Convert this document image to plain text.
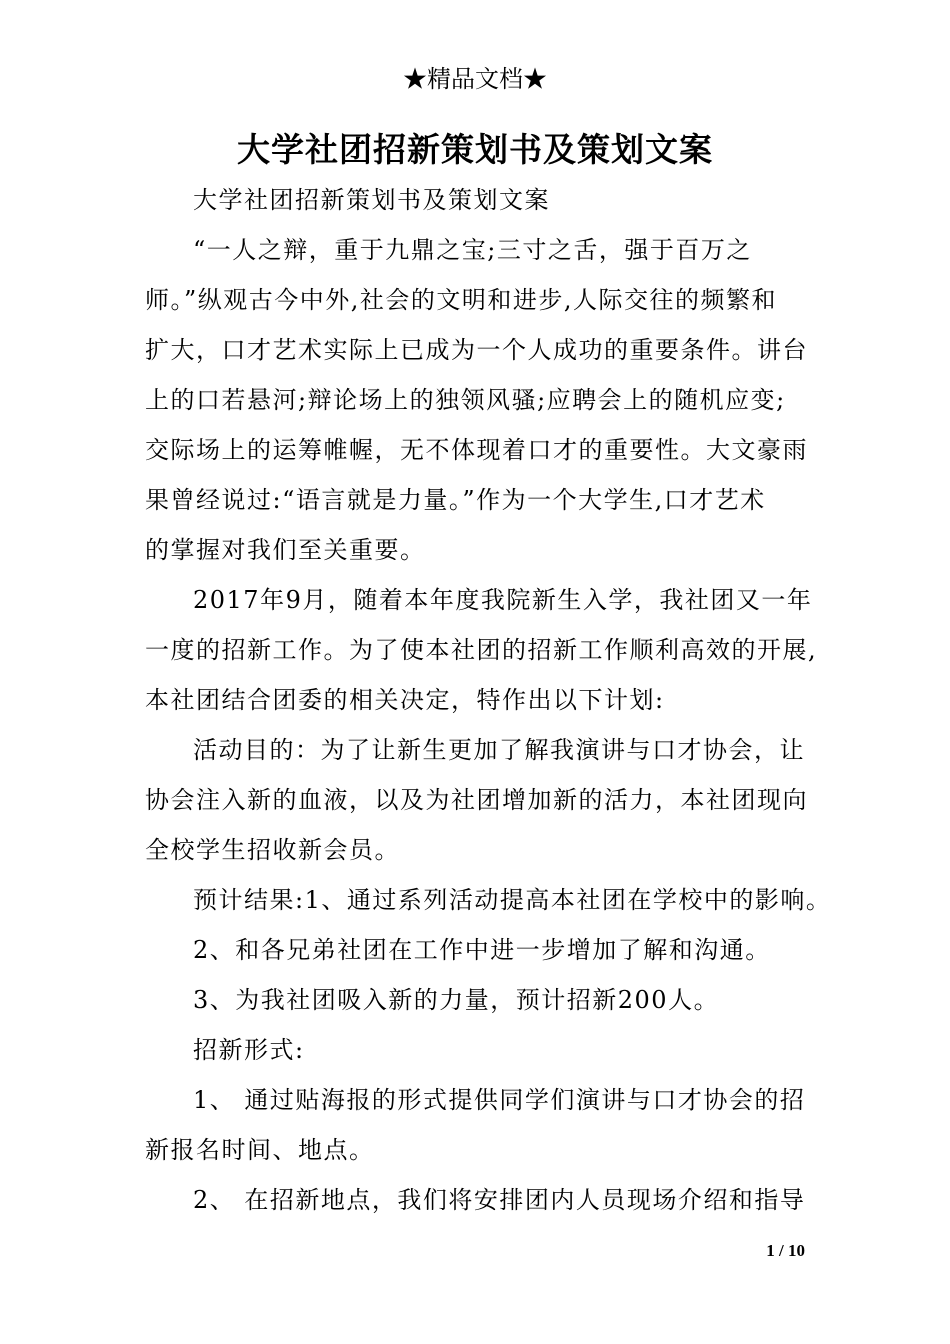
★精品文档★
大学社团招新策划书及策划文案
大学社团招新策划书及策划文案
“一人之辩，重于九鼎之宝;三寸之舌，强于百万之
师。”纵观古今中外,社会的文明和进步,人际交往的频繁和
扩大，口才艺术实际上已成为一个人成功的重要条件。讲台
上的口若悬河;辩论场上的独领风骚;应聘会上的随机应变;
交际场上的运筹帷幄，无不体现着口才的重要性。大文豪雨
果曾经说过:“语言就是力量。”作为一个大学生,口才艺术
的掌握对我们至关重要。
2017年9月，随着本年度我院新生入学，我社团又一年
一度的招新工作。为了使本社团的招新工作顺利高效的开展,
本社团结合团委的相关决定，特作出以下计划:
活动目的：为了让新生更加了解我演讲与口才协会，让
协会注入新的血液，以及为社团增加新的活力，本社团现向
全校学生招收新会员。
预计结果:1、通过系列活动提高本社团在学校中的影响。
2、和各兄弟社团在工作中进一步增加了解和沟通。
3、为我社团吸入新的力量，预计招新200人。
招新形式:
1、 通过贴海报的形式提供同学们演讲与口才协会的招
新报名时间、地点。
2、 在招新地点，我们将安排团内人员现场介绍和指导
1 / 10
